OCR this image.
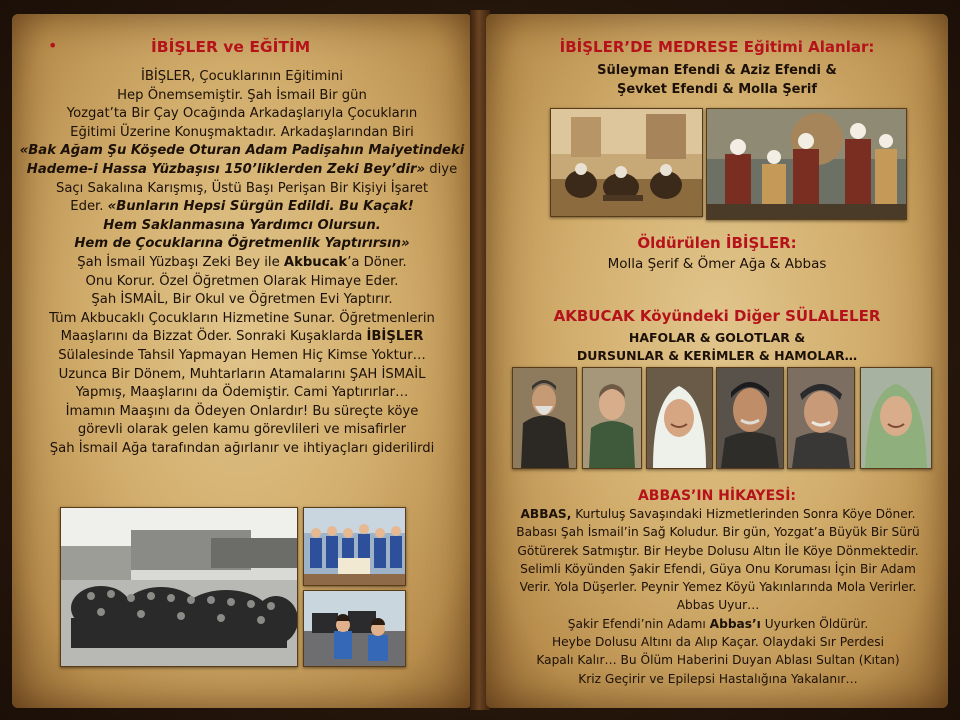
•	İBİŞLER ve EĞİTİM
İBİŞLER, Çocuklarının Eğitimini
Hep Önemsemiştir. Şah İsmail Bir gün
Yozgat’ta Bir Çay Ocağında Arkadaşlarıyla Çocukların
Eğitimi Üzerine Konuşmaktadır. Arkadaşlarından Biri
«Bak Ağam Şu Köşede Oturan Adam Padişahın Maiyetindeki
Hademe-i Hassa Yüzbaşısı 150’liklerden Zeki Bey’dir» diye
Saçı Sakalına Karışmış, Üstü Başı Perişan Bir Kişiyi İşaret
Eder. «Bunların Hepsi Sürgün Edildi. Bu Kaçak!
Hem Saklanmasına Yardımcı Olursun.
Hem de Çocuklarına Öğretmenlik Yaptırırsın»
Şah İsmail Yüzbaşı Zeki Bey ile Akbucak’a Döner.
Onu Korur. Özel Öğretmen Olarak Himaye Eder.
Şah İSMAİL, Bir Okul ve Öğretmen Evi Yaptırır.
Tüm Akbucaklı Çocukların Hizmetine Sunar. Öğretmenlerin
Maaşlarını da Bizzat Öder. Sonraki Kuşaklarda İBİŞLER
Sülalesinde Tahsil Yapmayan Hemen Hiç Kimse Yoktur…
Uzunca Bir Dönem, Muhtarların Atamalarını ŞAH İSMAİL
Yapmış, Maaşlarını da Ödemiştir. Cami Yaptırırlar…
İmamın Maaşını da Ödeyen Onlardır! Bu süreçte köye
görevli olarak gelen kamu görevlileri ve misafirler
Şah İsmail Ağa tarafından ağırlanır ve ihtiyaçları giderilirdi
İBİŞLER’DE MEDRESE Eğitimi Alanlar:
Süleyman Efendi & Aziz Efendi &
Şevket Efendi & Molla Şerif
Öldürülen İBİŞLER:
Molla Şerif & Ömer Ağa & Abbas
AKBUCAK Köyündeki Diğer SÜLALELER
HAFOLAR & GOLOTLAR &
DURSUNLAR & KERİMLER & HAMOLAR…
ABBAS’IN HİKAYESİ:
ABBAS, Kurtuluş Savaşındaki Hizmetlerinden Sonra Köye Döner.
Babası Şah İsmail’in Sağ Koludur. Bir gün, Yozgat’a Büyük Bir Sürü
Götürerek Satmıştır. Bir Heybe Dolusu Altın İle Köye Dönmektedir.
Selimli Köyünden Şakir Efendi, Güya Onu Koruması İçin Bir Adam
Verir. Yola Düşerler. Peynir Yemez Köyü Yakınlarında Mola Verirler.
Abbas Uyur…
Şakir Efendi’nin Adamı Abbas’ı Uyurken Öldürür.
Heybe Dolusu Altını da Alıp Kaçar. Olaydaki Sır Perdesi
Kapalı Kalır… Bu Ölüm Haberini Duyan Ablası Sultan (Kıtan)
Kriz Geçirir ve Epilepsi Hastalığına Yakalanır…
